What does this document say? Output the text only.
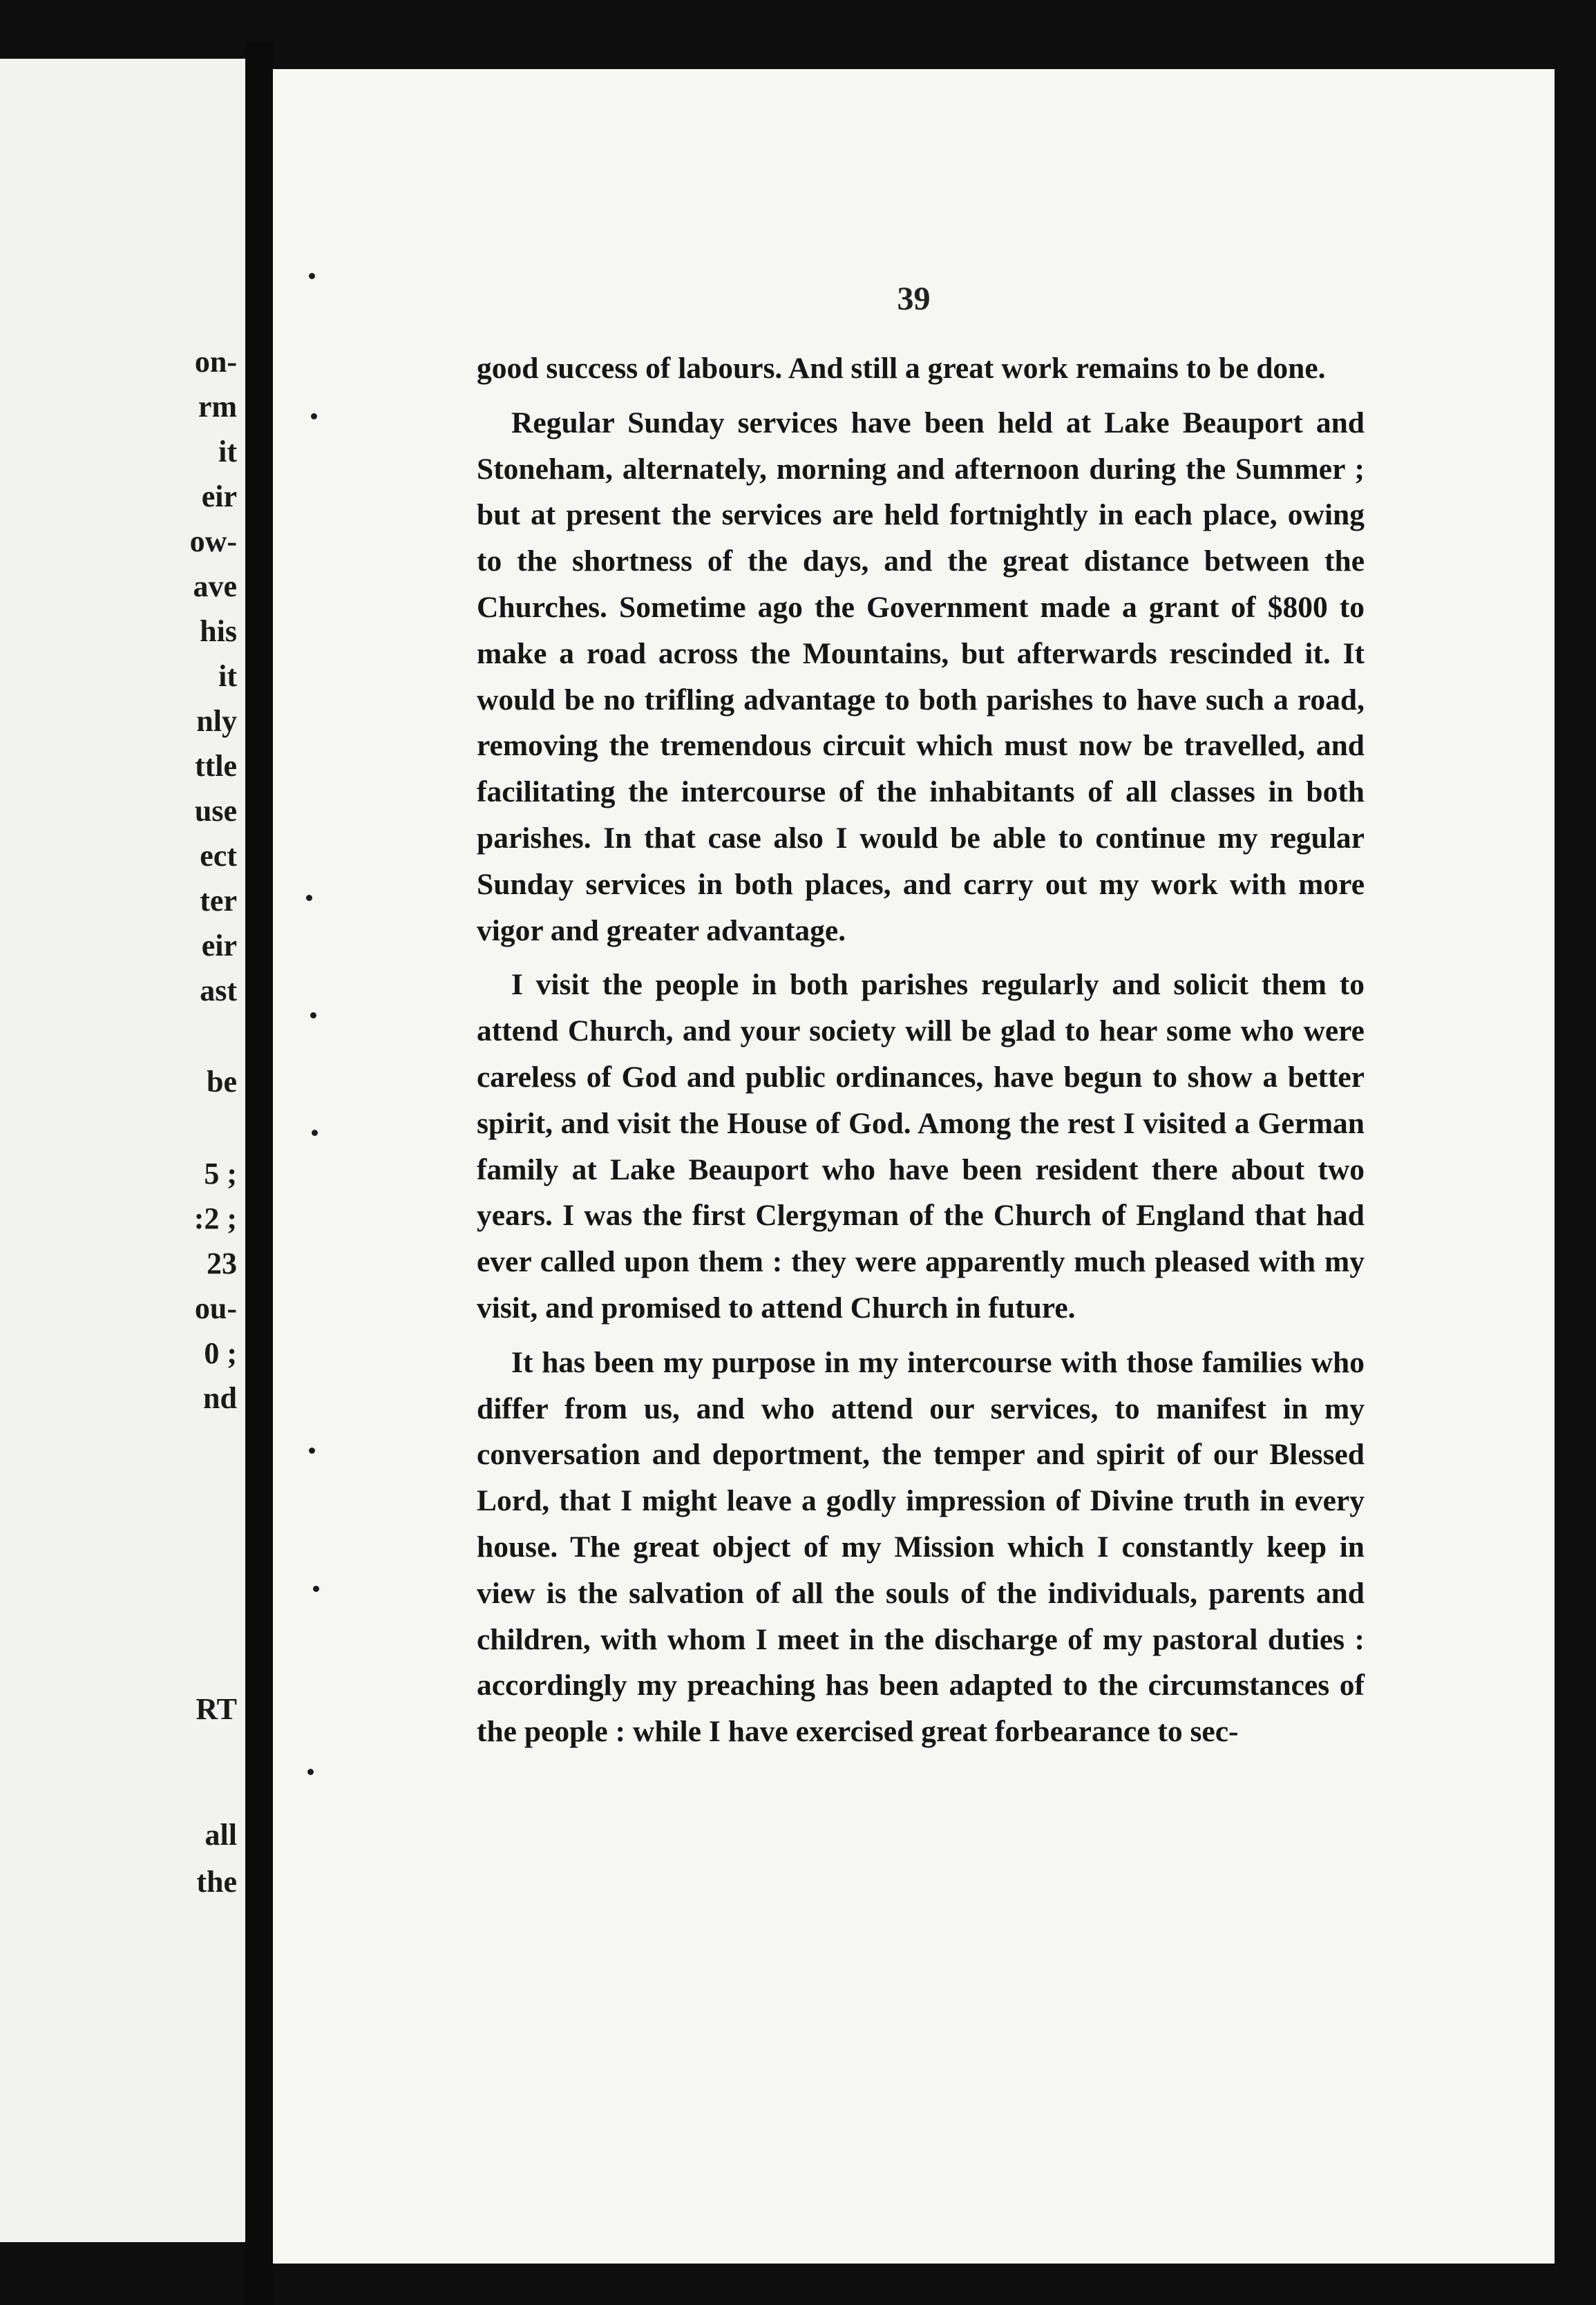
on-
rm
it
eir
ow-
ave
his
it
nly
ttle
use
ect
ter
eir
ast
be
5 ;
:2 ;
23
ou-
0 ;
nd
RT
all
the
39

good success of labours. And still a great work remains to be done.

Regular Sunday services have been held at Lake Beauport and Stoneham, alternately, morning and afternoon during the Summer ; but at present the services are held fortnightly in each place, owing to the shortness of the days, and the great distance between the Churches. Sometime ago the Government made a grant of $800 to make a road across the Mountains, but afterwards rescinded it. It would be no trifling advantage to both parishes to have such a road, removing the tremendous circuit which must now be travelled, and facilitating the intercourse of the inhabitants of all classes in both parishes. In that case also I would be able to continue my regular Sunday services in both places, and carry out my work with more vigor and greater advantage.

I visit the people in both parishes regularly and solicit them to attend Church, and your society will be glad to hear some who were careless of God and public ordinances, have begun to show a better spirit, and visit the House of God. Among the rest I visited a German family at Lake Beauport who have been resident there about two years. I was the first Clergyman of the Church of England that had ever called upon them : they were apparently much pleased with my visit, and promised to attend Church in future.

It has been my purpose in my intercourse with those families who differ from us, and who attend our services, to manifest in my conversation and deportment, the temper and spirit of our Blessed Lord, that I might leave a godly impression of Divine truth in every house. The great object of my Mission which I constantly keep in view is the salvation of all the souls of the individuals, parents and children, with whom I meet in the discharge of my pastoral duties : accordingly my preaching has been adapted to the circumstances of the people : while I have exercised great forbearance to sec-
